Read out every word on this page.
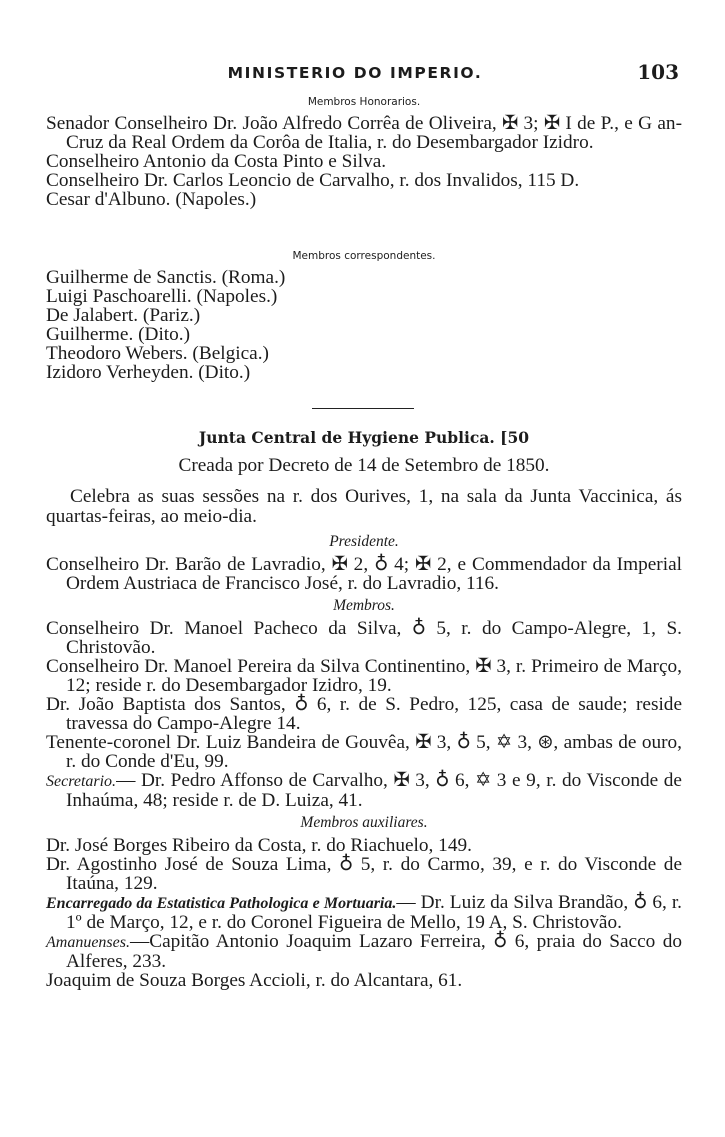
MINISTERIO DO IMPERIO.	103
Membros Honorarios.

Senador Conselheiro Dr. João Alfredo Corrêa de Oliveira, ✠ 3; ✠ I de P., e G an-Cruz da Real Ordem da Corôa de Italia, r. do Desembargador Izidro.

Conselheiro Antonio da Costa Pinto e Silva.

Conselheiro Dr. Carlos Leoncio de Carvalho, r. dos Invalidos, 115 D.

Cesar d'Albuno. (Napoles.)

Membros correspondentes.

Guilherme de Sanctis. (Roma.)

Luigi Paschoarelli. (Napoles.)

De Jalabert. (Pariz.)

Guilherme. (Dito.)

Theodoro Webers. (Belgica.)

Izidoro Verheyden. (Dito.)

Junta Central de Hygiene Publica. [50
Creada por Decreto de 14 de Setembro de 1850.

Celebra as suas sessões na r. dos Ourives, 1, na sala da Junta Vaccinica, ás quartas-feiras, ao meio-dia.

Presidente.

Conselheiro Dr. Barão de Lavradio, ✠ 2, ♁ 4; ✠ 2, e Commendador da Imperial Ordem Austriaca de Francisco José, r. do Lavradio, 116.

Membros.

Conselheiro Dr. Manoel Pacheco da Silva, ♁ 5, r. do Campo-Alegre, 1, S. Christovão.

Conselheiro Dr. Manoel Pereira da Silva Continentino, ✠ 3, r. Primeiro de Março, 12; reside r. do Desembargador Izidro, 19.

Dr. João Baptista dos Santos, ♁ 6, r. de S. Pedro, 125, casa de saude; reside travessa do Campo-Alegre 14.

Tenente-coronel Dr. Luiz Bandeira de Gouvêa, ✠ 3, ♁ 5, ✡ 3, ⊛, ambas de ouro, r. do Conde d'Eu, 99.

Secretario.— Dr. Pedro Affonso de Carvalho, ✠ 3, ♁ 6, ✡ 3 e 9, r. do Visconde de Inhaúma, 48; reside r. de D. Luiza, 41.

Membros auxiliares.

Dr. José Borges Ribeiro da Costa, r. do Riachuelo, 149.

Dr. Agostinho José de Souza Lima, ♁ 5, r. do Carmo, 39, e r. do Visconde de Itaúna, 129.

Encarregado da Estatistica Pathologica e Mortuaria.— Dr. Luiz da Silva Brandão, ♁ 6, r. 1º de Março, 12, e r. do Coronel Figueira de Mello, 19 A, S. Christovão.

Amanuenses.—Capitão Antonio Joaquim Lazaro Ferreira, ♁ 6, praia do Sacco do Alferes, 233.

Joaquim de Souza Borges Accioli, r. do Alcantara, 61.
